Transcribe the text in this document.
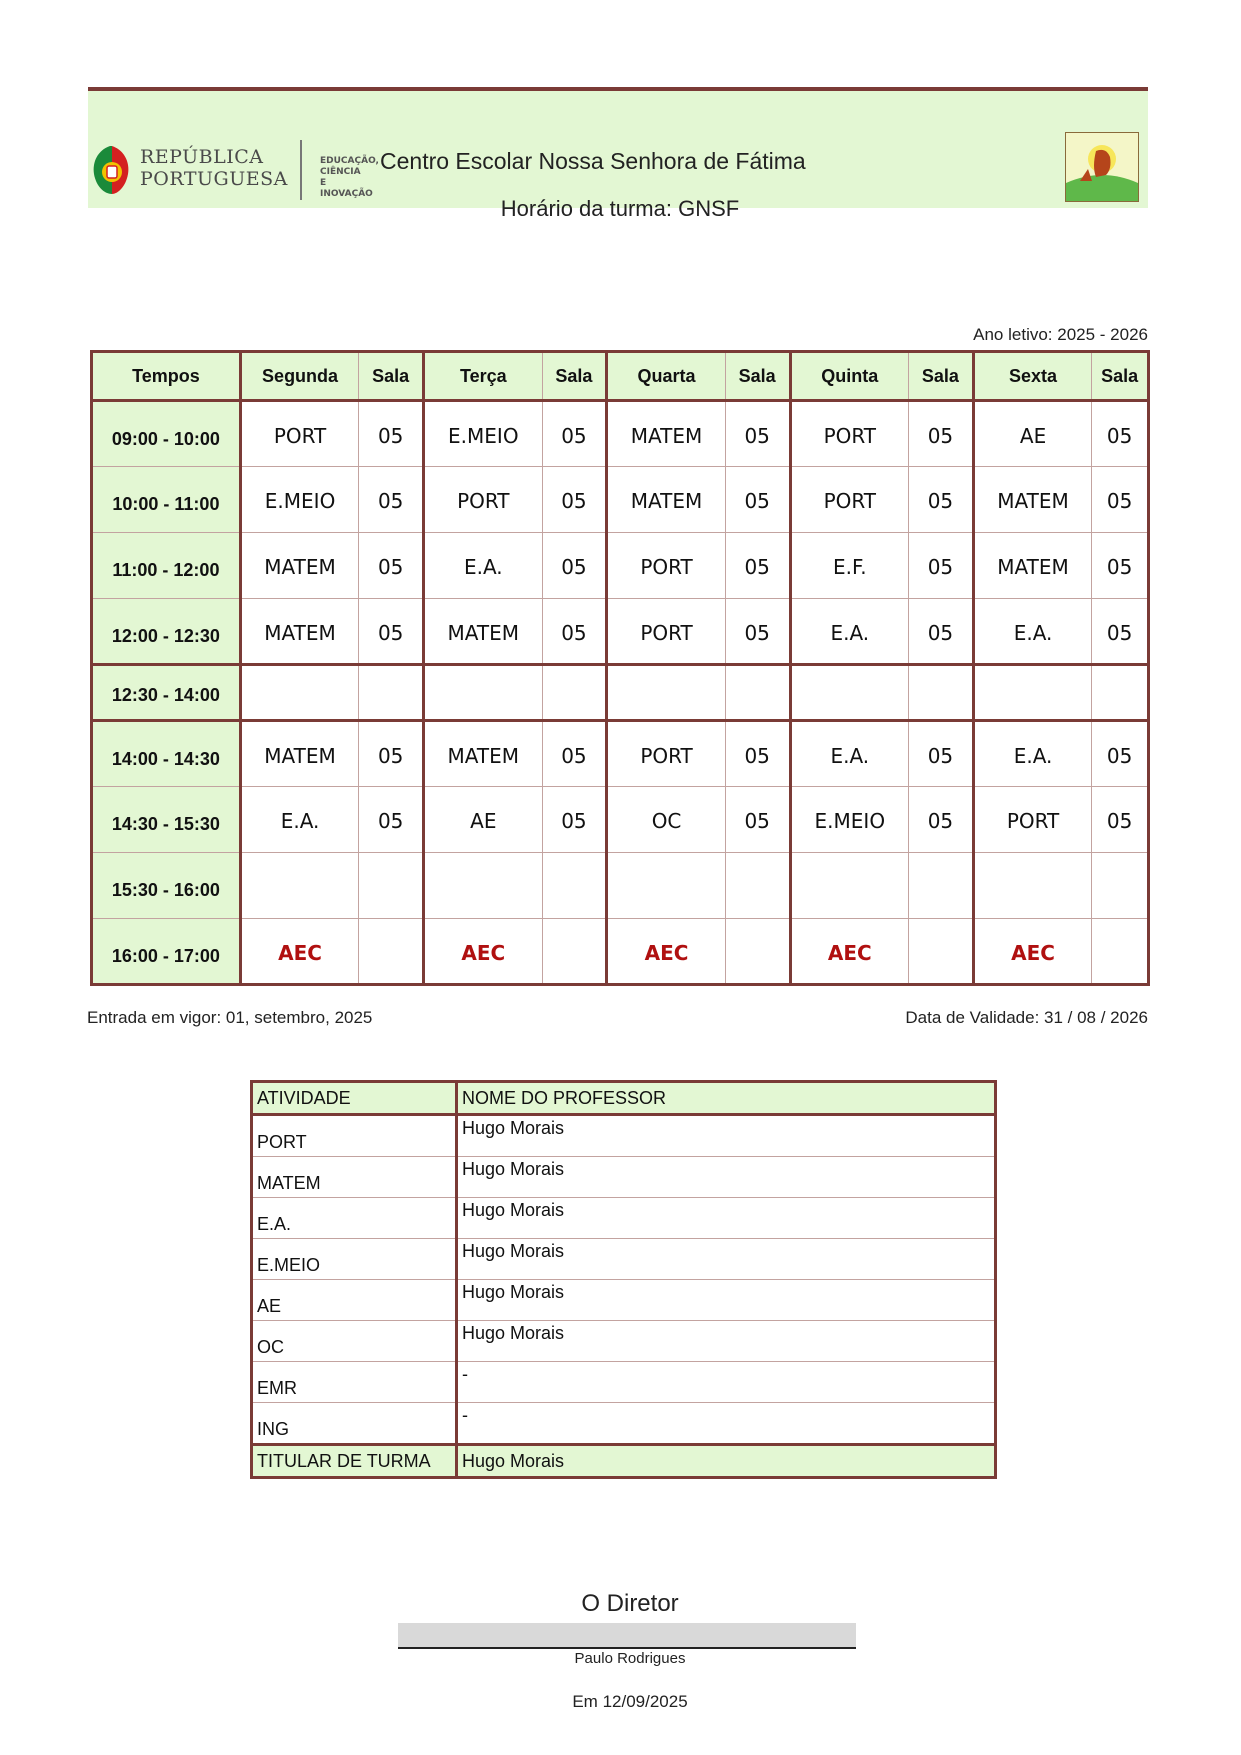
REPÚBLICA
PORTUGUESA
EDUCAÇÃO, CIÊNCIA
E INOVAÇÃO
Centro Escolar Nossa Senhora de Fátima
Horário da turma: GNSF
Ano letivo: 2025 - 2026
Tempos	Segunda	Sala	Terça	Sala	Quarta	Sala	Quinta	Sala	Sexta	Sala
09:00 - 10:00	PORT	05	E.MEIO	05	MATEM	05	PORT	05	AE	05
10:00 - 11:00	E.MEIO	05	PORT	05	MATEM	05	PORT	05	MATEM	05
11:00 - 12:00	MATEM	05	E.A.	05	PORT	05	E.F.	05	MATEM	05
12:00 - 12:30	MATEM	05	MATEM	05	PORT	05	E.A.	05	E.A.	05
12:30 - 14:00										
14:00 - 14:30	MATEM	05	MATEM	05	PORT	05	E.A.	05	E.A.	05
14:30 - 15:30	E.A.	05	AE	05	OC	05	E.MEIO	05	PORT	05
15:30 - 16:00										
16:00 - 17:00	AEC		AEC		AEC		AEC		AEC	
Entrada em vigor: 01, setembro, 2025	Data de Validade: 31 / 08 / 2026
ATIVIDADE	NOME DO PROFESSOR
PORT	Hugo Morais
MATEM	Hugo Morais
E.A.	Hugo Morais
E.MEIO	Hugo Morais
AE	Hugo Morais
OC	Hugo Morais
EMR	-
ING	-
TITULAR DE TURMA	Hugo Morais
O Diretor
Paulo Rodrigues
Em 12/09/2025
